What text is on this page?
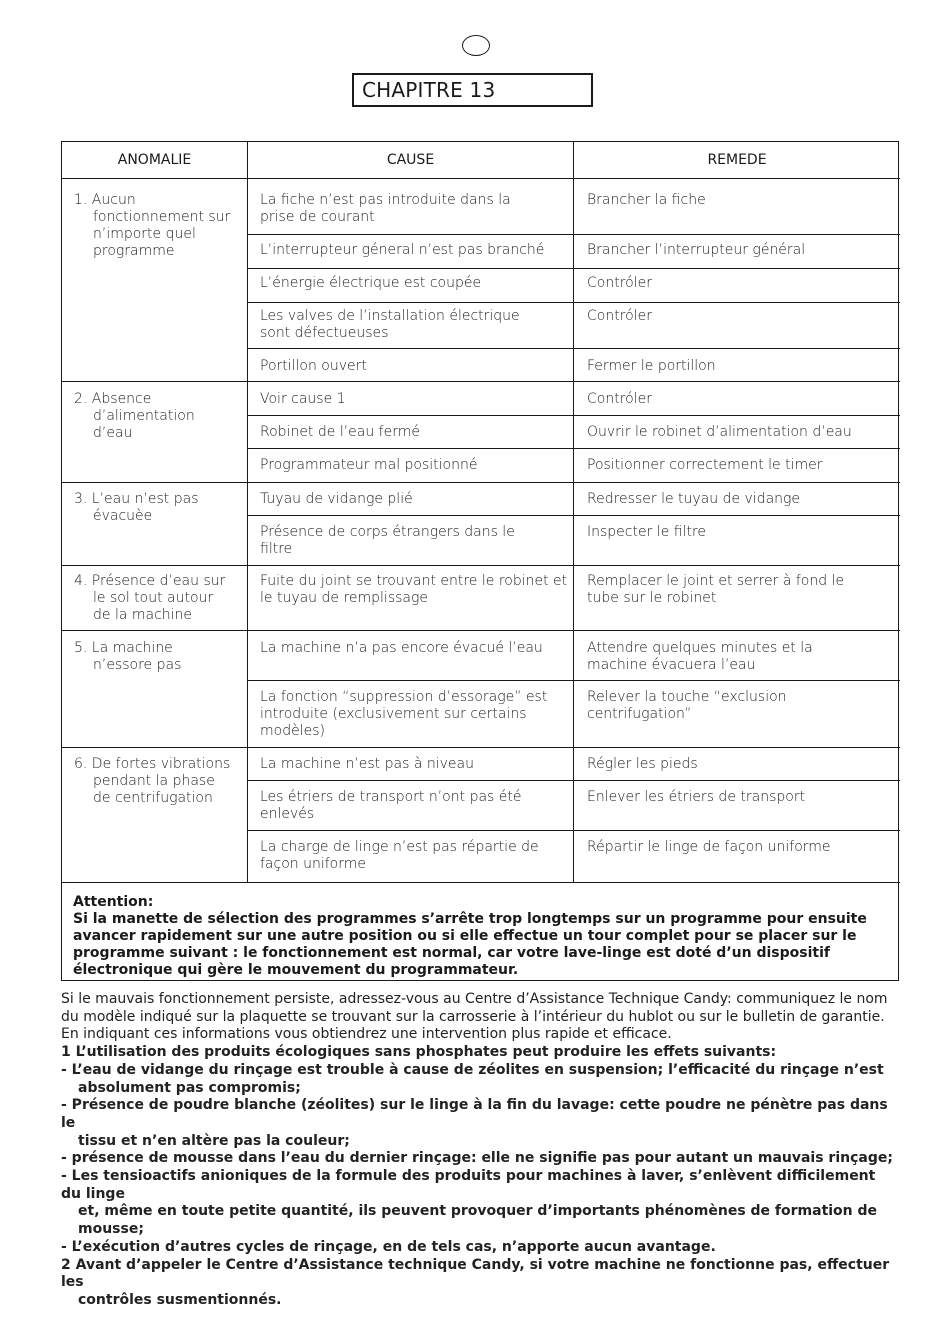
CHAPITRE 13
ANOMALIE	CAUSE	REMEDE
1. Aucun
fonctionnement sur n’importe quel programme
2. Absence
d’alimentation d’eau
3. L’eau n’est pas
évacuèe
4. Présence d’eau sur
le sol tout autour de la machine
5. La machine
n’essore pas
6. De fortes vibrations
pendant la phase de centrifugation
La fiche n’est pas introduite dans la prise de courant
L’interrupteur géneral n’est pas branché
L’énergie électrique est coupée
Les valves de l’installation électrique sont défectueuses
Portillon ouvert
Voir cause 1
Robinet de l’eau fermé
Programmateur mal positionné
Tuyau de vidange plié
Présence de corps étrangers dans le filtre
Fuite du joint se trouvant entre le robinet et le tuyau de remplissage
La machine n’a pas encore évacué l’eau
La fonction “suppression d’essorage” est introduite (exclusivement sur certains modèles)
La machine n’est pas à niveau
Les étriers de transport n’ont pas été enlevés
La charge de linge n’est pas répartie de façon uniforme
Brancher la fiche
Brancher l’interrupteur général
Contróler
Contróler
Fermer le portillon
Contróler
Ouvrir le robinet d’alimentation d’eau
Positionner correctement le timer
Redresser le tuyau de vidange
Inspecter le filtre
Remplacer le joint et serrer à fond le tube sur le robinet
Attendre quelques minutes et la machine évacuera l’eau
Relever la touche “exclusion centrifugation”
Régler les pieds
Enlever les étriers de transport
Répartir le linge de façon uniforme
Attention:
Si la manette de sélection des programmes s’arrête trop longtemps sur un programme pour ensuite avancer rapidement sur une autre position ou si elle effectue un tour complet pour se placer sur le programme suivant : le fonctionnement est normal, car votre lave-linge est doté d’un dispositif électronique qui gère le mouvement du programmateur.

Si le mauvais fonctionnement persiste, adressez-vous au Centre d’Assistance Technique Candy: communiquez le nom du modèle indiqué sur la plaquette se trouvant sur la carrosserie à l’intérieur du hublot ou sur le bulletin de garantie.

En indiquant ces informations vous obtiendrez une intervention plus rapide et efficace.

1 L’utilisation des produits écologiques sans phosphates peut produire les effets suivants:

- L’eau de vidange du rinçage est trouble à cause de zéolites en suspension; l’efficacité du rinçage n’est

absolument pas compromis;

- Présence de poudre blanche (zéolites) sur le linge à la fin du lavage: cette poudre ne pénètre pas dans le

tissu et n’en altère pas la couleur;

- présence de mousse dans l’eau du dernier rinçage: elle ne signifie pas pour autant un mauvais rinçage;

- Les tensioactifs anioniques de la formule des produits pour machines à laver, s’enlèvent difficilement du linge

et, même en toute petite quantité, ils peuvent provoquer d’importants phénomènes de formation de mousse;

- L’exécution d’autres cycles de rinçage, en de tels cas, n’apporte aucun avantage.

2 Avant d’appeler le Centre d’Assistance technique Candy, si votre machine ne fonctionne pas, effectuer les

contrôles susmentionnés.
